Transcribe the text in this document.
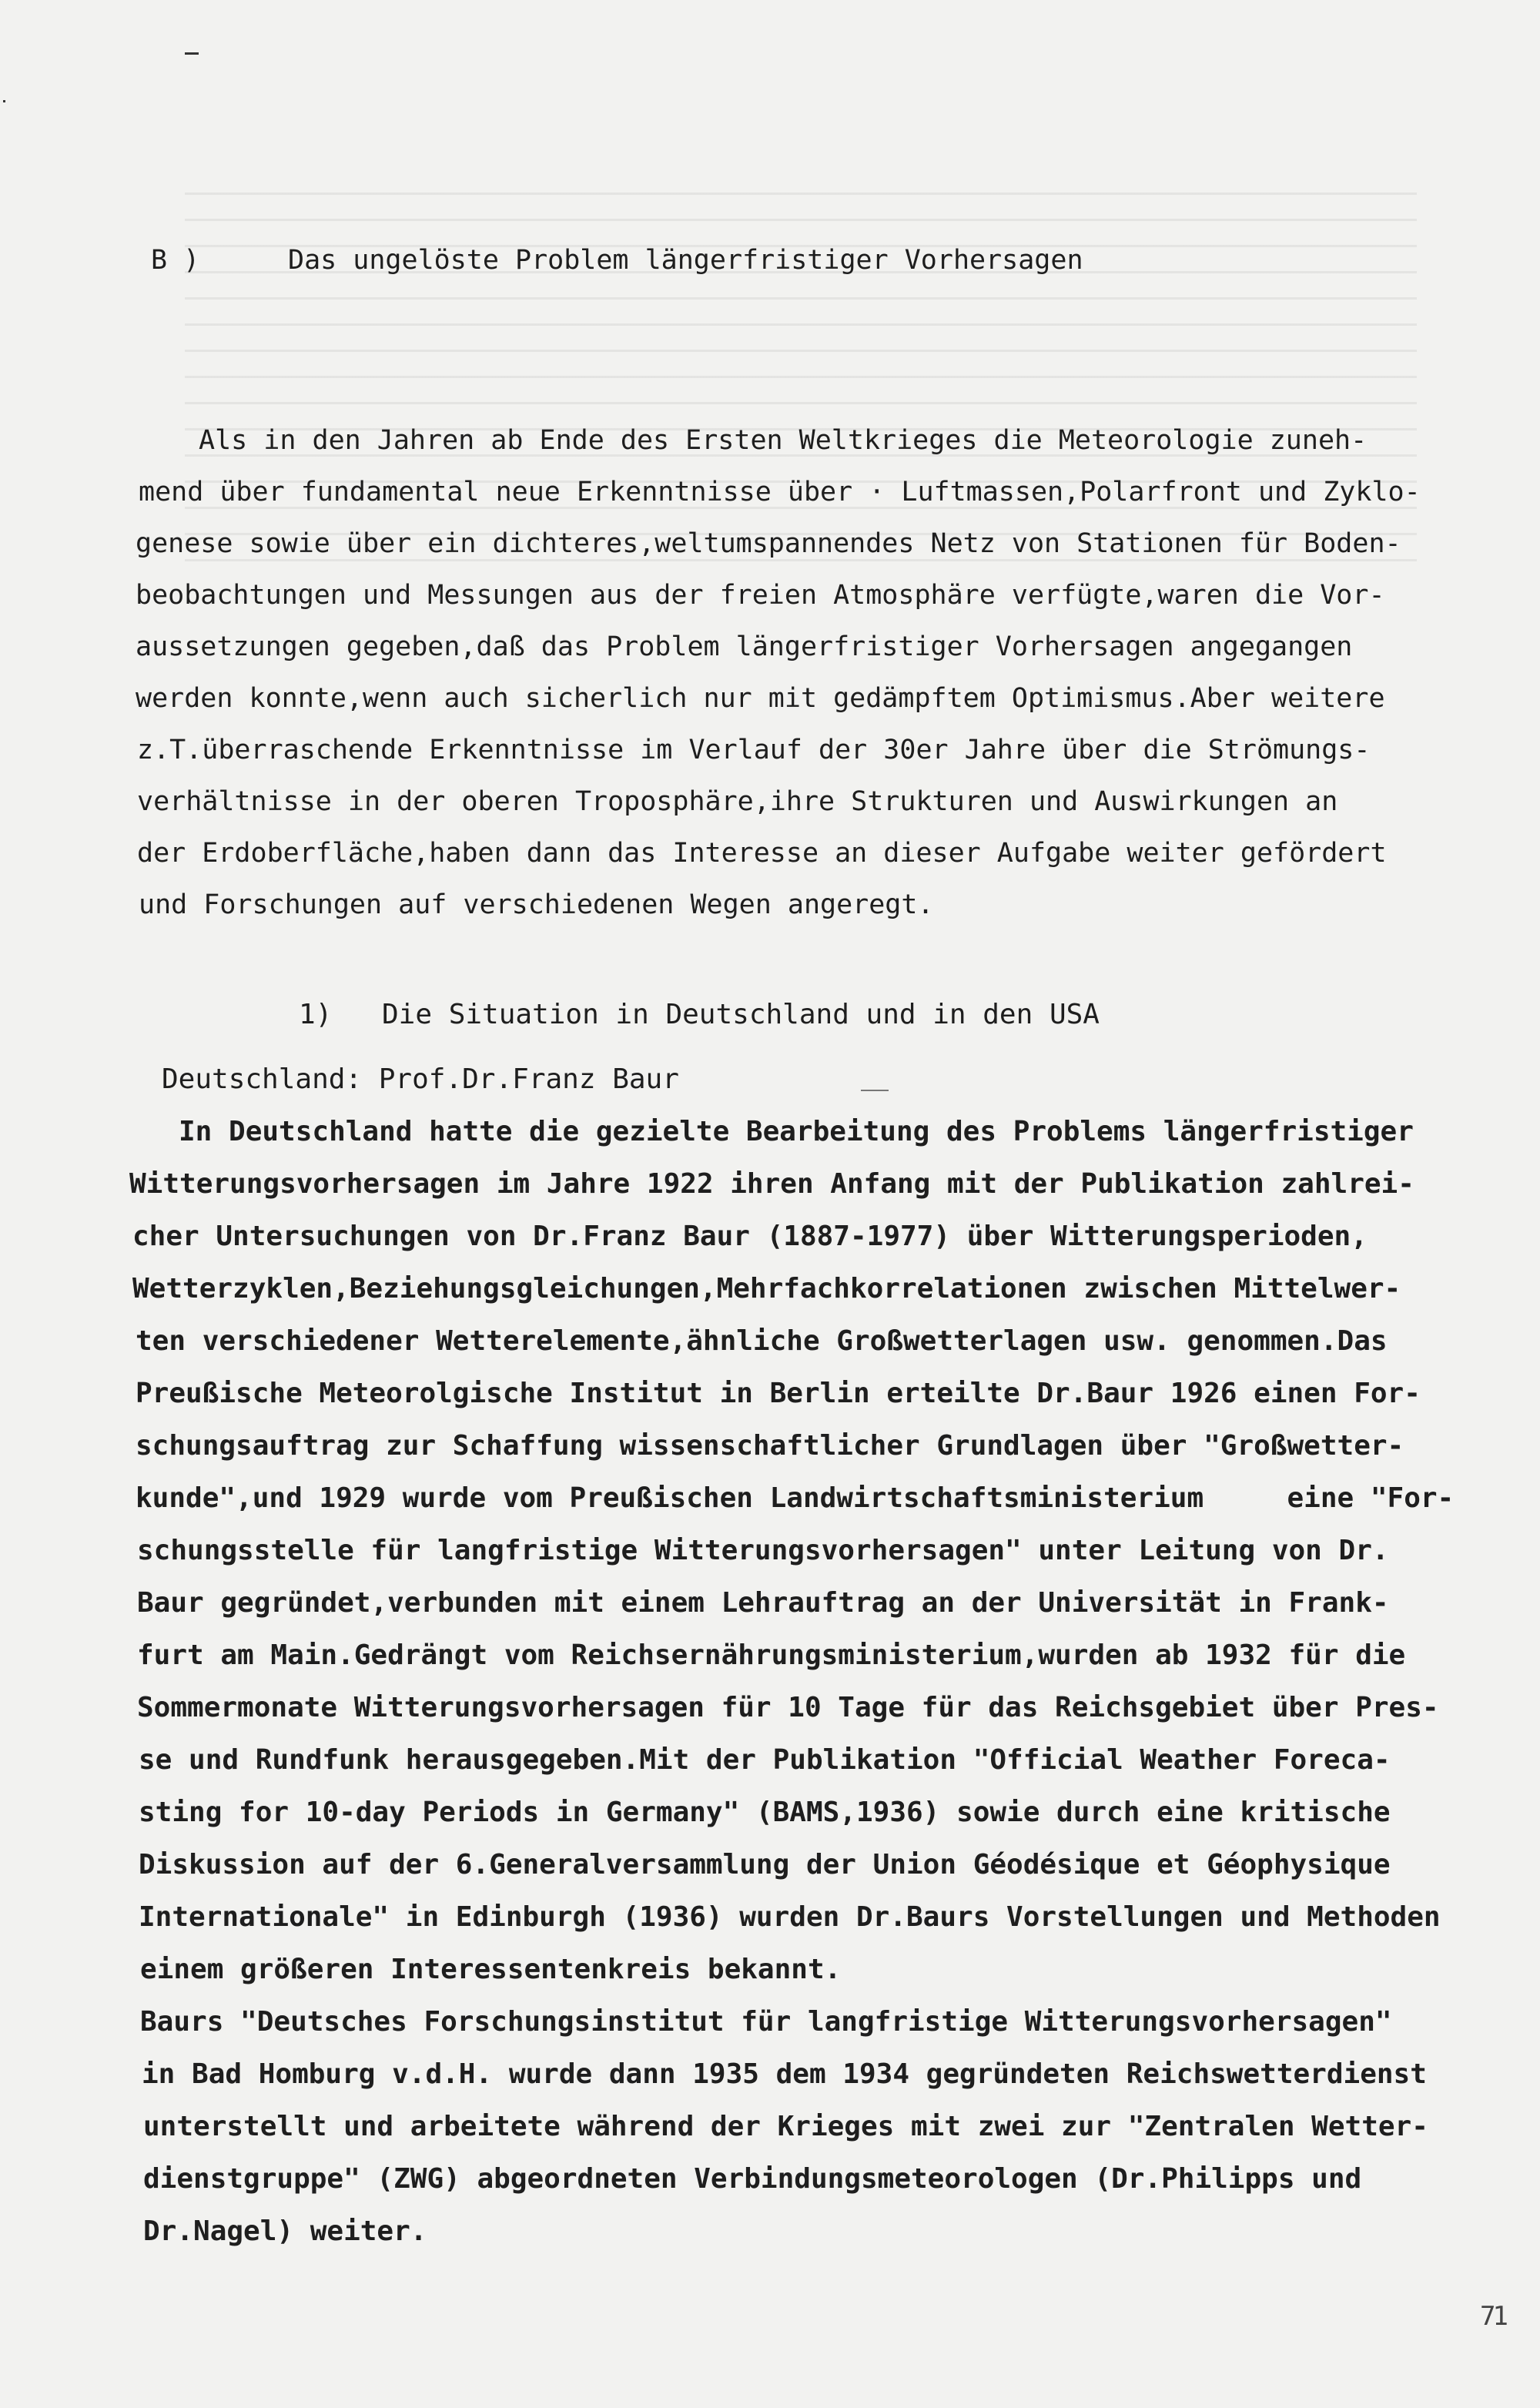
B )	Das ungelöste Problem längerfristiger Vorhersagen
Als in den Jahren ab Ende des Ersten Weltkrieges die Meteorologie zuneh-
mend über fundamental neue Erkenntnisse über · Luftmassen,Polarfront und Zyklo-
genese sowie über ein dichteres,weltumspannendes Netz von Stationen für Boden-
beobachtungen und Messungen aus der freien Atmosphäre verfügte,waren die Vor-
aussetzungen gegeben,daß das Problem längerfristiger Vorhersagen angegangen
werden konnte,wenn auch sicherlich nur mit gedämpftem Optimismus.Aber weitere
z.T.überraschende Erkenntnisse im Verlauf der 30er Jahre über die Strömungs-
verhältnisse in der oberen Troposphäre,ihre Strukturen und Auswirkungen an
der Erdoberfläche,haben dann das Interesse an dieser Aufgabe weiter gefördert
und Forschungen auf verschiedenen Wegen angeregt.
1) Die Situation in Deutschland und in den USA
Deutschland: Prof.Dr.Franz Baur
In Deutschland hatte die gezielte Bearbeitung des Problems längerfristiger
Witterungsvorhersagen im Jahre 1922 ihren Anfang mit der Publikation zahlrei-
cher Untersuchungen von Dr.Franz Baur (1887-1977) über Witterungsperioden,
Wetterzyklen,Beziehungsgleichungen,Mehrfachkorrelationen zwischen Mittelwer-
ten verschiedener Wetterelemente,ähnliche Großwetterlagen usw. genommen.Das
Preußische Meteorolgische Institut in Berlin erteilte Dr.Baur 1926 einen For-
schungsauftrag zur Schaffung wissenschaftlicher Grundlagen über "Großwetter-
kunde",und 1929 wurde vom Preußischen Landwirtschaftsministerium     eine "For-
schungsstelle für langfristige Witterungsvorhersagen" unter Leitung von Dr.
Baur gegründet,verbunden mit einem Lehrauftrag an der Universität in Frank-
furt am Main.Gedrängt vom Reichsernährungsministerium,wurden ab 1932 für die
Sommermonate Witterungsvorhersagen für 10 Tage für das Reichsgebiet über Pres-
se und Rundfunk herausgegeben.Mit der Publikation "Official Weather Foreca-
sting for 10-day Periods in Germany" (BAMS,1936) sowie durch eine kritische
Diskussion auf der 6.Generalversammlung der Union Géodésique et Géophysique
Internationale" in Edinburgh (1936) wurden Dr.Baurs Vorstellungen und Methoden
einem größeren Interessentenkreis bekannt.
Baurs "Deutsches Forschungsinstitut für langfristige Witterungsvorhersagen"
in Bad Homburg v.d.H. wurde dann 1935 dem 1934 gegründeten Reichswetterdienst
unterstellt und arbeitete während der Krieges mit zwei zur "Zentralen Wetter-
dienstgruppe" (ZWG) abgeordneten Verbindungsmeteorologen (Dr.Philipps und
Dr.Nagel) weiter.
71
